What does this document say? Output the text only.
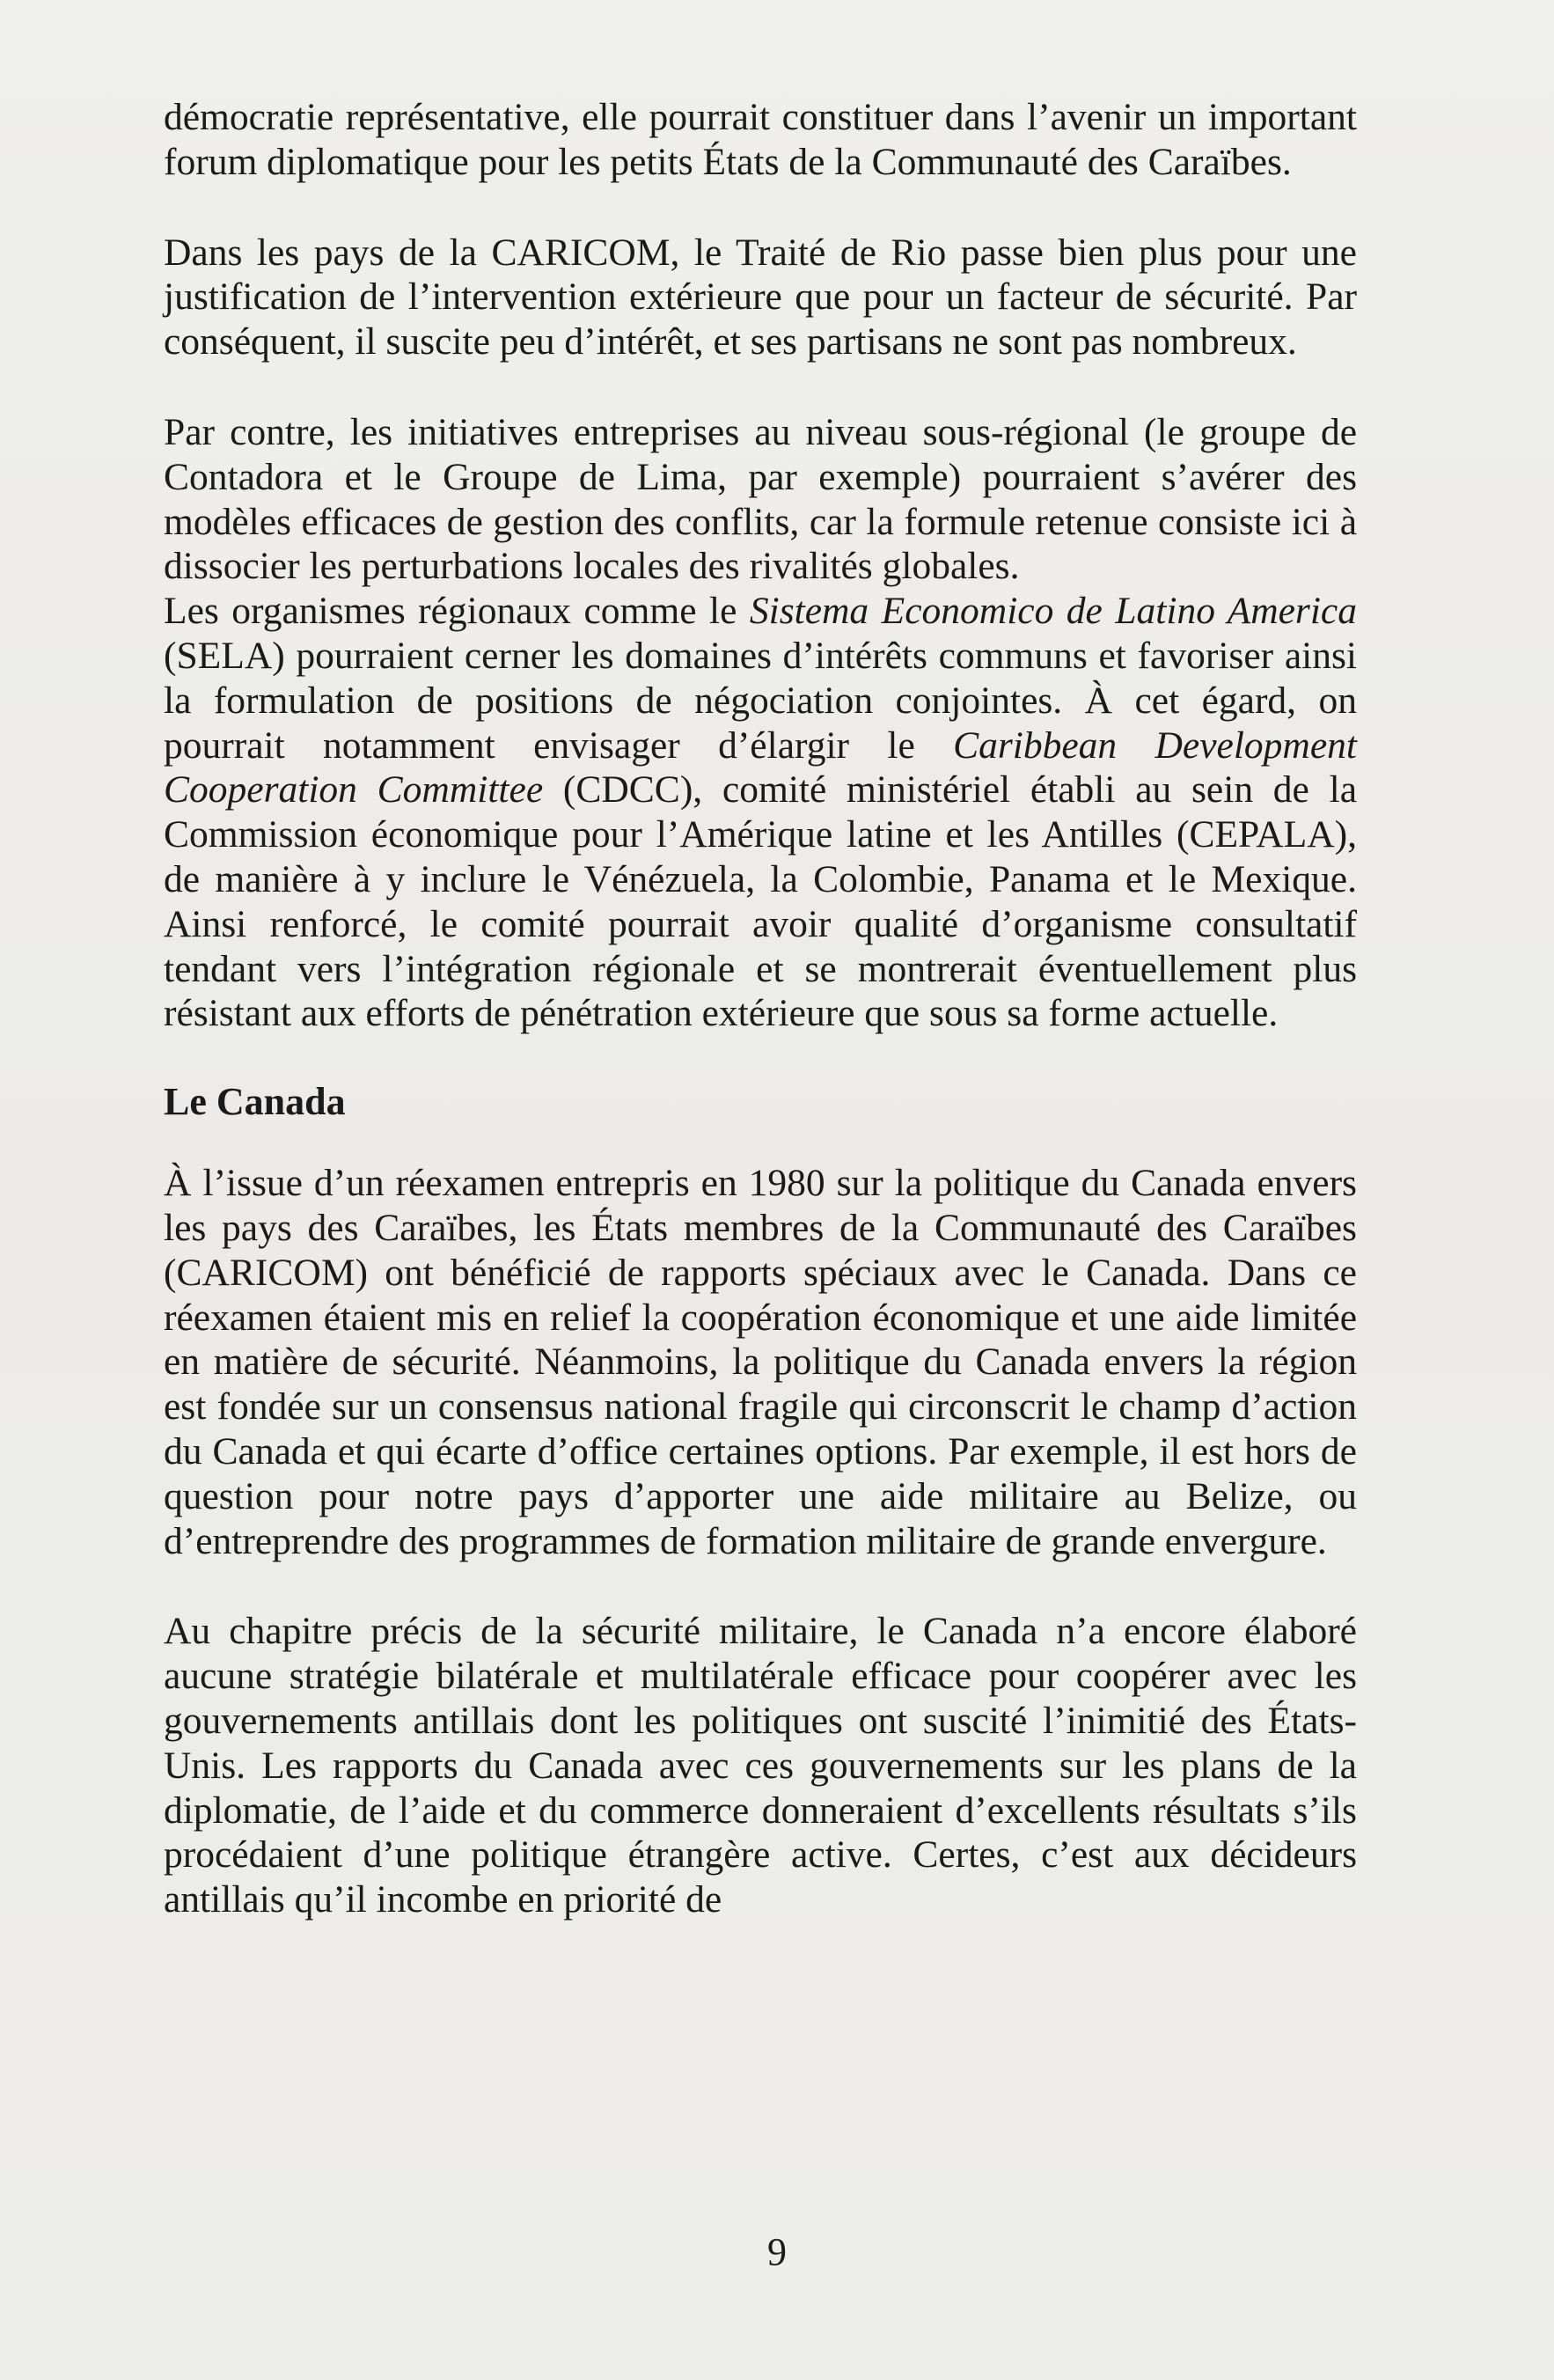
démocratie représentative, elle pourrait constituer dans l’avenir un important forum diplomatique pour les petits États de la Communauté des Caraïbes.

Dans les pays de la CARICOM, le Traité de Rio passe bien plus pour une justification de l’intervention extérieure que pour un facteur de sécurité. Par conséquent, il suscite peu d’intérêt, et ses partisans ne sont pas nombreux.

Par contre, les initiatives entreprises au niveau sous-régional (le groupe de Contadora et le Groupe de Lima, par exemple) pourraient s’avérer des modèles efficaces de gestion des conflits, car la formule retenue consiste ici à dissocier les perturbations locales des rivalités globales.

Les organismes régionaux comme le Sistema Economico de Latino America (SELA) pourraient cerner les domaines d’intérêts communs et favoriser ainsi la formulation de positions de négociation conjointes. À cet égard, on pourrait notamment envisager d’élargir le Caribbean Development Cooperation Committee (CDCC), comité ministériel établi au sein de la Commission économique pour l’Amérique latine et les Antilles (CEPALA), de manière à y inclure le Vénézuela, la Colombie, Panama et le Mexique. Ainsi renforcé, le comité pourrait avoir qualité d’organisme consultatif tendant vers l’intégration régionale et se montrerait éventuellement plus résistant aux efforts de pénétration extérieure que sous sa forme actuelle.

Le Canada

À l’issue d’un réexamen entrepris en 1980 sur la politique du Canada envers les pays des Caraïbes, les États membres de la Communauté des Caraïbes (CARICOM) ont bénéficié de rapports spéciaux avec le Canada. Dans ce réexamen étaient mis en relief la coopération économique et une aide limitée en matière de sécurité. Néanmoins, la politique du Canada envers la région est fondée sur un consensus national fragile qui circonscrit le champ d’action du Canada et qui écarte d’office certaines options. Par exemple, il est hors de question pour notre pays d’apporter une aide militaire au Belize, ou d’entreprendre des programmes de formation militaire de grande envergure.

Au chapitre précis de la sécurité militaire, le Canada n’a encore élaboré aucune stratégie bilatérale et multilatérale efficace pour coopérer avec les gouvernements antillais dont les politiques ont suscité l’inimitié des États-Unis. Les rapports du Canada avec ces gouvernements sur les plans de la diplomatie, de l’aide et du commerce donneraient d’excellents résultats s’ils procédaient d’une politique étrangère active. Certes, c’est aux décideurs antillais qu’il incombe en priorité de

9
